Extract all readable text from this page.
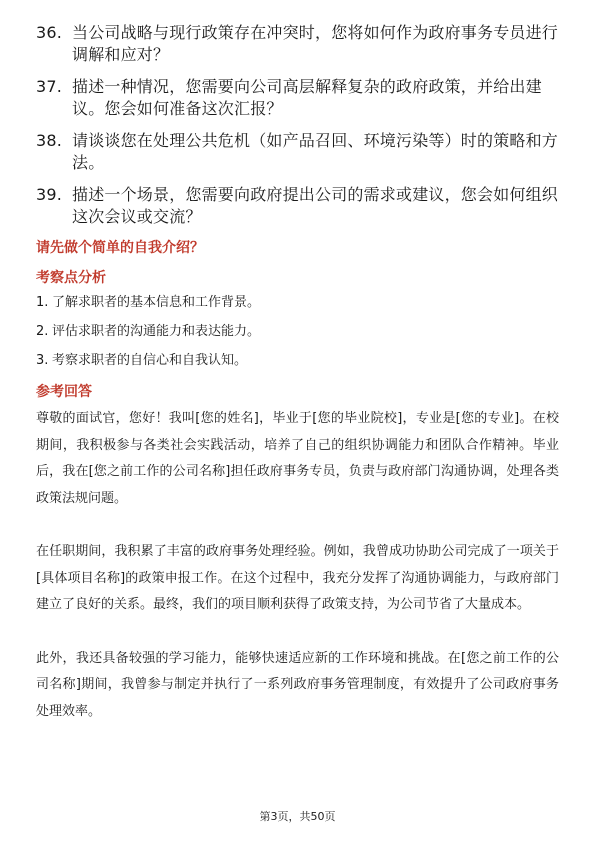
36. 当公司战略与现行政策存在冲突时，您将如何作为政府事务专员进行调解和应对？
37. 描述一种情况，您需要向公司高层解释复杂的政府政策，并给出建议。您会如何准备这次汇报？
38. 请谈谈您在处理公共危机（如产品召回、环境污染等）时的策略和方法。
39. 描述一个场景，您需要向政府提出公司的需求或建议，您会如何组织这次会议或交流？
请先做个简单的自我介绍？
考察点分析
1. 了解求职者的基本信息和工作背景。
2. 评估求职者的沟通能力和表达能力。
3. 考察求职者的自信心和自我认知。
参考回答

尊敬的面试官，您好！我叫[您的姓名]，毕业于[您的毕业院校]，专业是[您的专业]。在校期间，我积极参与各类社会实践活动，培养了自己的组织协调能力和团队合作精神。毕业后，我在[您之前工作的公司名称]担任政府事务专员，负责与政府部门沟通协调，处理各类政策法规问题。

在任职期间，我积累了丰富的政府事务处理经验。例如，我曾成功协助公司完成了一项关于[具体项目名称]的政策申报工作。在这个过程中，我充分发挥了沟通协调能力，与政府部门建立了良好的关系。最终，我们的项目顺利获得了政策支持，为公司节省了大量成本。

此外，我还具备较强的学习能力，能够快速适应新的工作环境和挑战。在[您之前工作的公司名称]期间，我曾参与制定并执行了一系列政府事务管理制度，有效提升了公司政府事务处理效率。

第3页，共50页
